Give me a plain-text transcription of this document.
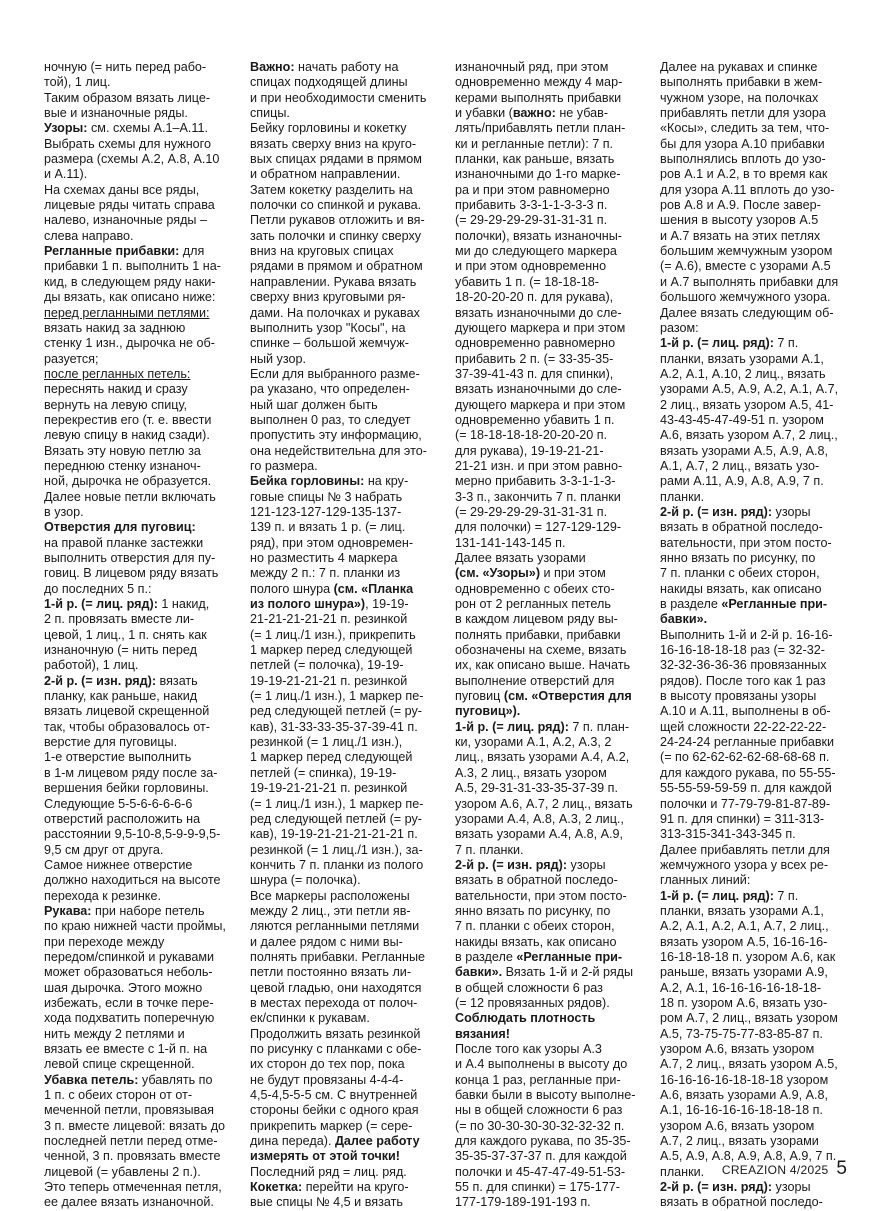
ночную (= нить перед рабо-

той), 1 лиц.

Таким образом вязать лице-

вые и изнаночные ряды.

Узоры: см. схемы А.1–А.11.

Выбрать схемы для нужного

размера (схемы А.2, А.8, А.10

и А.11).

На схемах даны все ряды,

лицевые ряды читать справа

налево, изнаночные ряды –

слева направо.

Регланные прибавки: для

прибавки 1 п. выполнить 1 на-

кид, в следующем ряду наки-

ды вязать, как описано ниже:

перед регланными петлями:

вязать накид за заднюю

стенку 1 изн., дырочка не об-

разуется;

после регланных петель:

переснять накид и сразу

вернуть на левую спицу,

перекрестив его (т. е. ввести

левую спицу в накид сзади).

Вязать эту новую петлю за

переднюю стенку изнаноч-

ной, дырочка не образуется.

Далее новые петли включать

в узор.

Отверстия для пуговиц:

на правой планке застежки

выполнить отверстия для пу-

говиц. В лицевом ряду вязать

до последних 5 п.:

1-й р. (= лиц. ряд): 1 накид,

2 п. провязать вместе ли-

цевой, 1 лиц., 1 п. снять как

изнаночную (= нить перед

работой), 1 лиц.

2-й р. (= изн. ряд): вязать

планку, как раньше, накид

вязать лицевой скрещенной

так, чтобы образовалось от-

верстие для пуговицы.

1-е отверстие выполнить

в 1-м лицевом ряду после за-

вершения бейки горловины.

Следующие 5-5-6-6-6-6-6

отверстий расположить на

расстоянии 9,5-10-8,5-9-9-9,5-

9,5 см друг от друга.

Самое нижнее отверстие

должно находиться на высоте

перехода к резинке.

Рукава: при наборе петель

по краю нижней части проймы,

при переходе между

передом/спинкой и рукавами

может образоваться неболь-

шая дырочка. Этого можно

избежать, если в точке пере-

хода подхватить поперечную

нить между 2 петлями и

вязать ее вместе с 1-й п. на

левой спице скрещенной.

Убавка петель: убавлять по

1 п. с обеих сторон от от-

меченной петли, провязывая

3 п. вместе лицевой: вязать до

последней петли перед отме-

ченной, 3 п. провязать вместе

лицевой (= убавлены 2 п.).

Это теперь отмеченная петля,

ее далее вязать изнаночной.

Важно: начать работу на

спицах подходящей длины

и при необходимости сменить

спицы.

Бейку горловины и кокетку

вязать сверху вниз на круго-

вых спицах рядами в прямом

и обратном направлении.

Затем кокетку разделить на

полочки со спинкой и рукава.

Петли рукавов отложить и вя-

зать полочки и спинку сверху

вниз на круговых спицах

рядами в прямом и обратном

направлении. Рукава вязать

сверху вниз круговыми ря-

дами. На полочках и рукавах

выполнить узор "Косы", на

спинке – большой жемчуж-

ный узор.

Если для выбранного разме-

ра указано, что определен-

ный шаг должен быть

выполнен 0 раз, то следует

пропустить эту информацию,

она недействительна для это-

го размера.

Бейка горловины: на кру-

говые спицы № 3 набрать

121-123-127-129-135-137-

139 п. и вязать 1 р. (= лиц.

ряд), при этом одновремен-

но разместить 4 маркера

между 2 п.: 7 п. планки из

полого шнура (см. «Планка

из полого шнура»), 19-19-

21-21-21-21-21 п. резинкой

(= 1 лиц./1 изн.), прикрепить

1 маркер перед следующей

петлей (= полочка), 19-19-

19-19-21-21-21 п. резинкой

(= 1 лиц./1 изн.), 1 маркер пе-

ред следующей петлей (= ру-

кав), 31-33-33-35-37-39-41 п.

резинкой (= 1 лиц./1 изн.),

1 маркер перед следующей

петлей (= спинка), 19-19-

19-19-21-21-21 п. резинкой

(= 1 лиц./1 изн.), 1 маркер пе-

ред следующей петлей (= ру-

кав), 19-19-21-21-21-21-21 п.

резинкой (= 1 лиц./1 изн.), за-

кончить 7 п. планки из полого

шнура (= полочка).

Все маркеры расположены

между 2 лиц., эти петли яв-

ляются регланными петлями

и далее рядом с ними вы-

полнять прибавки. Регланные

петли постоянно вязать ли-

цевой гладью, они находятся

в местах перехода от полоч-

ек/спинки к рукавам.

Продолжить вязать резинкой

по рисунку с планками с обе-

их сторон до тех пор, пока

не будут провязаны 4-4-4-

4,5-4,5-5-5 см. С внутренней

стороны бейки с одного края

прикрепить маркер (= сере-

дина переда). Далее работу

измерять от этой точки!

Последний ряд = лиц. ряд.

Кокетка: перейти на круго-

вые спицы № 4,5 и вязать

изнаночный ряд, при этом

одновременно между 4 мар-

керами выполнять прибавки

и убавки (важно: не убав-

лять/прибавлять петли план-

ки и регланные петли): 7 п.

планки, как раньше, вязать

изнаночными до 1-го марке-

ра и при этом равномерно

прибавить 3-3-1-1-3-3-3 п.

(= 29-29-29-29-31-31-31 п.

полочки), вязать изнаночны-

ми до следующего маркера

и при этом одновременно

убавить 1 п. (= 18-18-18-

18-20-20-20 п. для рукава),

вязать изнаночными до сле-

дующего маркера и при этом

одновременно равномерно

прибавить 2 п. (= 33-35-35-

37-39-41-43 п. для спинки),

вязать изнаночными до сле-

дующего маркера и при этом

одновременно убавить 1 п.

(= 18-18-18-18-20-20-20 п.

для рукава), 19-19-21-21-

21-21 изн. и при этом равно-

мерно прибавить 3-3-1-1-3-

3-3 п., закончить 7 п. планки

(= 29-29-29-29-31-31-31 п.

для полочки) = 127-129-129-

131-141-143-145 п.

Далее вязать узорами

(см. «Узоры») и при этом

одновременно с обеих сто-

рон от 2 регланных петель

в каждом лицевом ряду вы-

полнять прибавки, прибавки

обозначены на схеме, вязать

их, как описано выше. Начать

выполнение отверстий для

пуговиц (см. «Отверстия для

пуговиц»).

1-й р. (= лиц. ряд): 7 п. план-

ки, узорами А.1, А.2, А.3, 2

лиц., вязать узорами А.4, А.2,

А.3, 2 лиц., вязать узором

А.5, 29-31-31-33-35-37-39 п.

узором А.6, А.7, 2 лиц., вязать

узорами А.4, А.8, А.3, 2 лиц.,

вязать узорами А.4, А.8, А.9,

7 п. планки.

2-й р. (= изн. ряд): узоры

вязать в обратной последо-

вательности, при этом посто-

янно вязать по рисунку, по

7 п. планки с обеих сторон,

накиды вязать, как описано

в разделе «Регланные при-

бавки». Вязать 1-й и 2-й ряды

в общей сложности 6 раз

(= 12 провязанных рядов).

Соблюдать плотность

вязания!

После того как узоры А.3

и А.4 выполнены в высоту до

конца 1 раз, регланные при-

бавки были в высоту выполне-

ны в общей сложности 6 раз

(= по 30-30-30-30-32-32-32 п.

для каждого рукава, по 35-35-

35-35-37-37-37 п. для каждой

полочки и 45-47-47-49-51-53-

55 п. для спинки) = 175-177-

177-179-189-191-193 п.

Далее на рукавах и спинке

выполнять прибавки в жем-

чужном узоре, на полочках

прибавлять петли для узора

«Косы», следить за тем, что-

бы для узора А.10 прибавки

выполнялись вплоть до узо-

ров А.1 и А.2, в то время как

для узора А.11 вплоть до узо-

ров А.8 и А.9. После завер-

шения в высоту узоров А.5

и А.7 вязать на этих петлях

большим жемчужным узором

(= А.6), вместе с узорами А.5

и А.7 выполнять прибавки для

большого жемчужного узора.

Далее вязать следующим об-

разом:

1-й р. (= лиц. ряд): 7 п.

планки, вязать узорами А.1,

А.2, А.1, А.10, 2 лиц., вязать

узорами А.5, А.9, А.2, А.1, А.7,

2 лиц., вязать узором А.5, 41-

43-43-45-47-49-51 п. узором

А.6, вязать узором А.7, 2 лиц.,

вязать узорами А.5, А.9, А.8,

А.1, А.7, 2 лиц., вязать узо-

рами А.11, А.9, А.8, А.9, 7 п.

планки.

2-й р. (= изн. ряд): узоры

вязать в обратной последо-

вательности, при этом посто-

янно вязать по рисунку, по

7 п. планки с обеих сторон,

накиды вязать, как описано

в разделе «Регланные при-

бавки».

Выполнить 1-й и 2-й р. 16-16-

16-16-18-18-18 раз (= 32-32-

32-32-36-36-36 провязанных

рядов). После того как 1 раз

в высоту провязаны узоры

А.10 и А.11, выполнены в об-

щей сложности 22-22-22-22-

24-24-24 регланные прибавки

(= по 62-62-62-62-68-68-68 п.

для каждого рукава, по 55-55-

55-55-59-59-59 п. для каждой

полочки и 77-79-79-81-87-89-

91 п. для спинки) = 311-313-

313-315-341-343-345 п.

Далее прибавлять петли для

жемчужного узора у всех ре-

гланных линий:

1-й р. (= лиц. ряд): 7 п.

планки, вязать узорами А.1,

А.2, А.1, А.2, А.1, А.7, 2 лиц.,

вязать узором А.5, 16-16-16-

16-18-18-18 п. узором А.6, как

раньше, вязать узорами А.9,

А.2, А.1, 16-16-16-16-18-18-

18 п. узором А.6, вязать узо-

ром А.7, 2 лиц., вязать узором

А.5, 73-75-75-77-83-85-87 п.

узором А.6, вязать узором

А.7, 2 лиц., вязать узором А.5,

16-16-16-16-18-18-18 узором

А.6, вязать узорами А.9, А.8,

А.1, 16-16-16-16-18-18-18 п.

узором А.6, вязать узором

А.7, 2 лиц., вязать узорами

А.5, А.9, А.8, А.9, А.8, А.9, 7 п.

планки.

2-й р. (= изн. ряд): узоры

вязать в обратной последо-

CREAZION 4/2025 5
